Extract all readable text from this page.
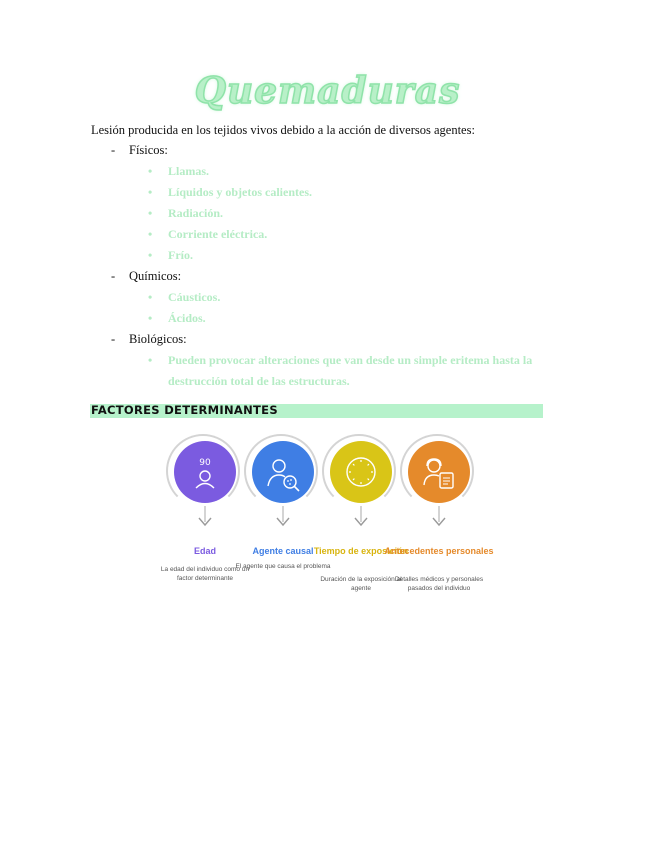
Quemaduras
Lesión producida en los tejidos vivos debido a la acción de diversos agentes:
- Físicos:
• Llamas.
• Líquidos y objetos calientes.
• Radiación.
• Corriente eléctrica.
• Frío.
- Químicos:
• Cáusticos.
• Ácidos.
- Biológicos:
• Pueden provocar alteraciones que van desde un simple eritema hasta la destrucción total de las estructuras.
FACTORES DETERMINANTES
90
Edad
La edad del individuo como un factor determinante
Agente causal
El agente que causa el problema
Tiempo de exposición
Duración de la exposición al agente
Antecedentes personales
Detalles médicos y personales pasados del individuo
